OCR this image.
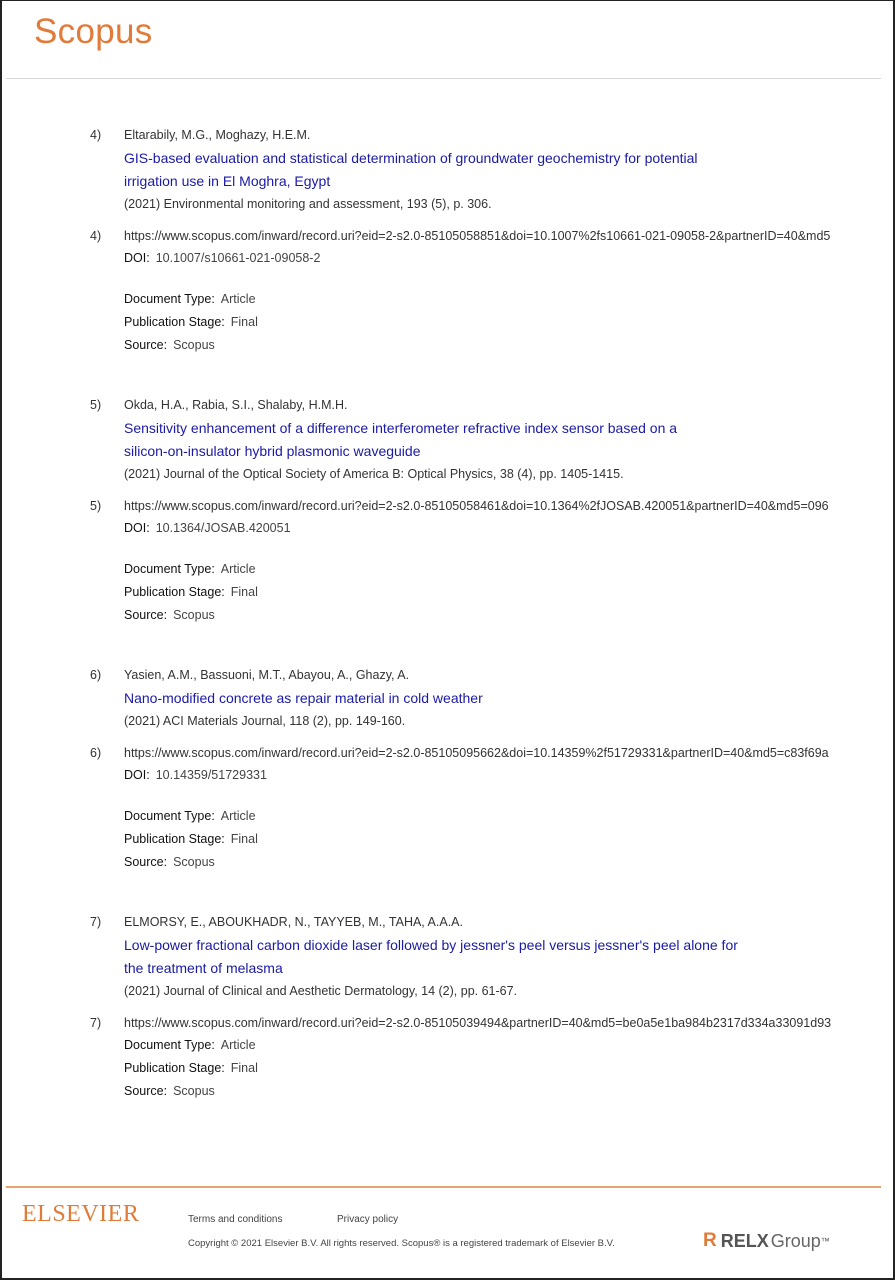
Scopus
4)	Eltarabily, M.G., Moghazy, H.E.M.
GIS-based evaluation and statistical determination of groundwater geochemistry for potential
irrigation use in El Moghra, Egypt
(2021) Environmental monitoring and assessment, 193 (5), p. 306.
4)	https://www.scopus.com/inward/record.uri?eid=2-s2.0-85105058851&doi=10.1007%2fs10661-021-09058-2&partnerID=40&md5
DOI: 10.1007/s10661-021-09058-2
Document Type: Article
Publication Stage: Final
Source: Scopus
5)	Okda, H.A., Rabia, S.I., Shalaby, H.M.H.
Sensitivity enhancement of a difference interferometer refractive index sensor based on a
silicon-on-insulator hybrid plasmonic waveguide
(2021) Journal of the Optical Society of America B: Optical Physics, 38 (4), pp. 1405-1415.
5)	https://www.scopus.com/inward/record.uri?eid=2-s2.0-85105058461&doi=10.1364%2fJOSAB.420051&partnerID=40&md5=096
DOI: 10.1364/JOSAB.420051
Document Type: Article
Publication Stage: Final
Source: Scopus
6)	Yasien, A.M., Bassuoni, M.T., Abayou, A., Ghazy, A.
Nano-modified concrete as repair material in cold weather
(2021) ACI Materials Journal, 118 (2), pp. 149-160.
6)	https://www.scopus.com/inward/record.uri?eid=2-s2.0-85105095662&doi=10.14359%2f51729331&partnerID=40&md5=c83f69a
DOI: 10.14359/51729331
Document Type: Article
Publication Stage: Final
Source: Scopus
7)	ELMORSY, E., ABOUKHADR, N., TAYYEB, M., TAHA, A.A.A.
Low-power fractional carbon dioxide laser followed by jessner's peel versus jessner's peel alone for
the treatment of melasma
(2021) Journal of Clinical and Aesthetic Dermatology, 14 (2), pp. 61-67.
7)	https://www.scopus.com/inward/record.uri?eid=2-s2.0-85105039494&partnerID=40&md5=be0a5e1ba984b2317d334a33091d93
Document Type: Article
Publication Stage: Final
Source: Scopus
ELSEVIER	Terms and conditions	Privacy policy
Copyright © 2021 Elsevier B.V. All rights reserved. Scopus® is a registered trademark of Elsevier B.V.	R RELX Group ™
